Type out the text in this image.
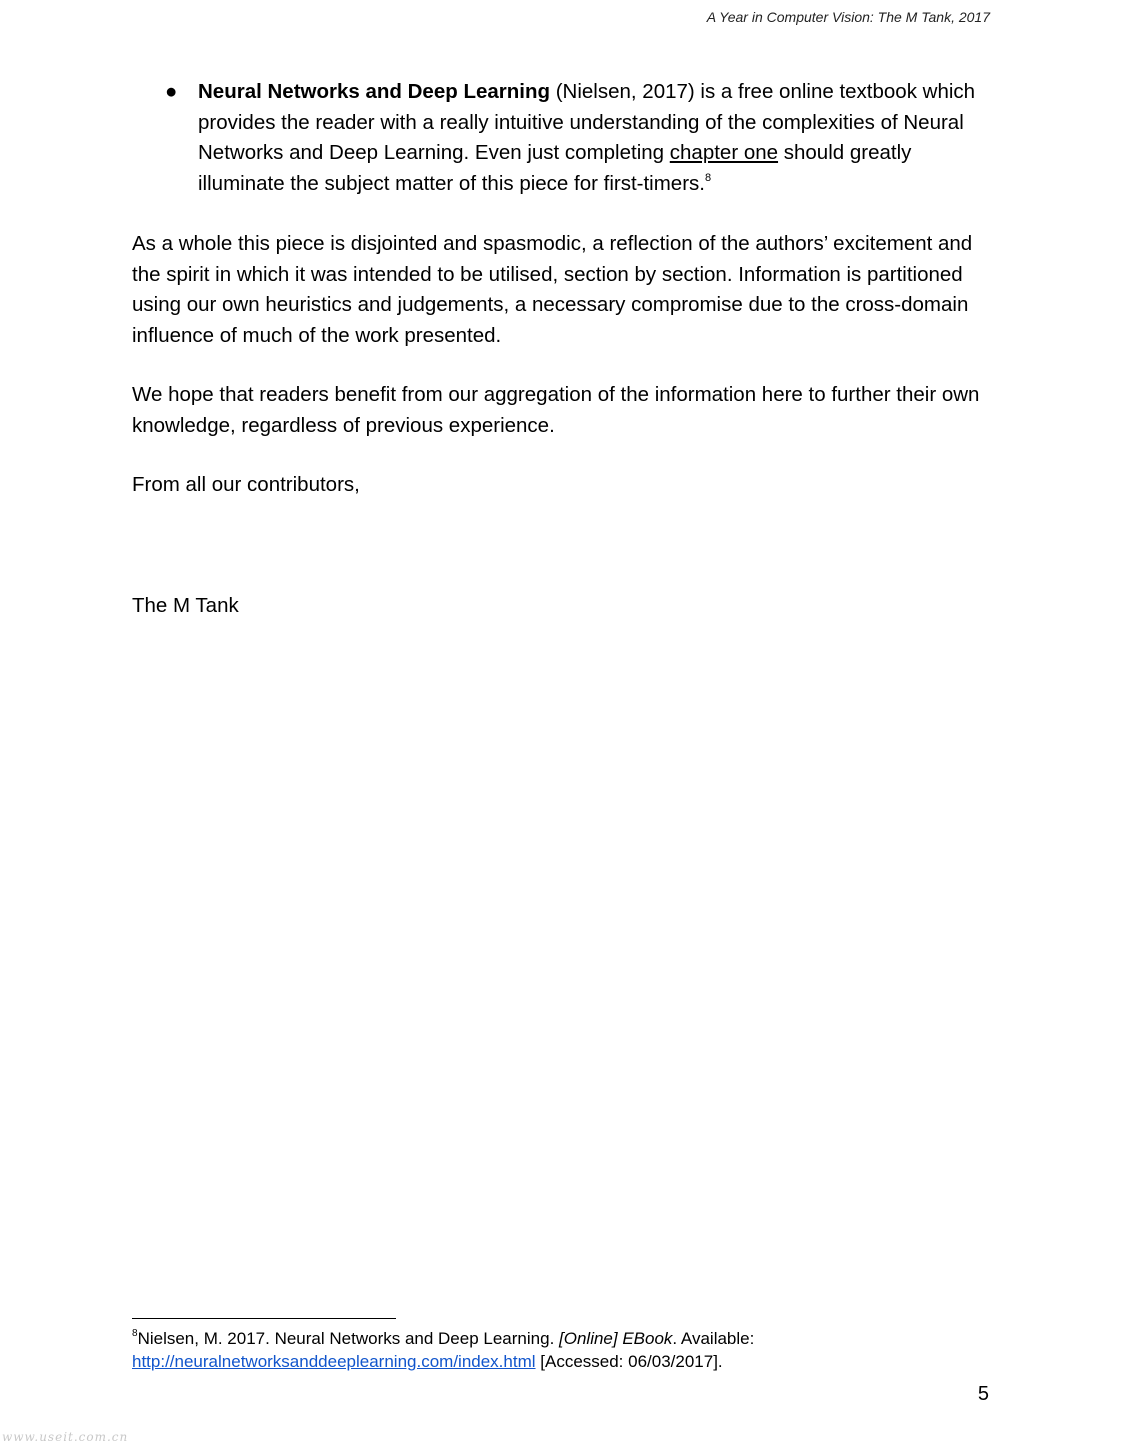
A Year in Computer Vision: The M Tank, 2017
●	Neural Networks and Deep Learning (Nielsen, 2017) is a free online textbook which provides the reader with a really intuitive understanding of the complexities of Neural Networks and Deep Learning. Even just completing chapter one should greatly illuminate the subject matter of this piece for first-timers.$^8$
As a whole this piece is disjointed and spasmodic, a reflection of the authors’ excitement and the spirit in which it was intended to be utilised, section by section. Information is partitioned using our own heuristics and judgements, a necessary compromise due to the cross-domain influence of much of the work presented.
We hope that readers benefit from our aggregation of the information here to further their own knowledge, regardless of previous experience.
From all our contributors,
The M Tank
$^8$Nielsen, M. 2017. Neural Networks and Deep Learning. [Online] EBook. Available:
http://neuralnetworksanddeeplearning.com/index.html [Accessed: 06/03/2017].
5
www.useit.com.cn
